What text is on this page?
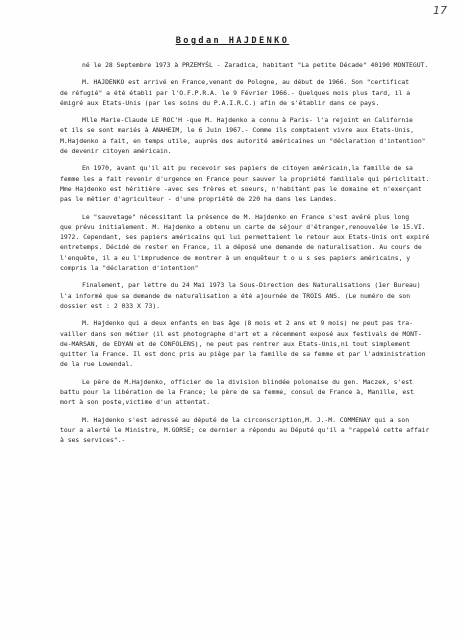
17
Bogdan HAJDENKO
né le 28 Septembre 1973 à PRZEMYŚL - Zaradica, habitant "La petite Décade" 40190 MONTEGUT.
M. HAJDENKO est arrivé en France,venant de Pologne, au début de 1966. Son "certificat
de réfugié" a été établi par l'O.F.P.R.A. le 9 Février 1966.- Quelques mois plus tard, il a
émigré aux Etats-Unis (par les soins du P.A.I.R.C.) afin de s'établir dans ce pays.
Mlle Marie-Claude LE ROC'H -que M. Hajdenko a connu à Paris- l'a rejoint en Californie
et ils se sont mariés à ANAHEIM, le 6 Juin 1967.- Comme ils comptaient vivre aux Etats-Unis,
M.Hajdenko a fait, en temps utile, auprès des autorité américaines un "déclaration d'intention"
de devenir citoyen américain.
En 1970, avant qu'il ait pu recevoir ses papiers de citoyen américain,la famille de sa
femme les a fait revenir d'urgence en France pour sauver la propriété familiale qui périclitait.
Mme Hajdenko est héritière -avec ses frères et soeurs, n'habitant pas le domaine et n'exerçant
pas le métier d'agriculteur - d'une propriété de 220 ha dans les Landes.
Le "sauvetage" nécessitant la présence de M. Hajdenko en France s'est avéré plus long
que prévu initialement. M. Hajdenko a obtenu un carte de séjour d'étranger,renouvelée le 15.VI.
1972. Cependant, ses papiers américains qui lui permettaient le retour aux Etats-Unis ont expiré
entretemps. Décidé de rester en France, il a déposé une demande de naturalisation. Au cours de
l'enquête, il a eu l'imprudence de montrer à un enquêteur t o u s ses papiers américains, y
compris la "déclaration d'intention"
Finalement, par lettre du 24 Mai 1973 la Sous-Direction des Naturalisations (1er Bureau)
l'a informé que sa demande de naturalisation a été ajournée de TROIS ANS. (Le numéro de son
dossier est : 2 033 X 73).
M. Hajdenko qui a deux enfants en bas âge (8 mois et 2 ans et 9 mois) ne peut pas tra-
vailler dans son métier (il est photographe d'art et a récemment exposé aux festivals de MONT-
de-MARSAN, de EDYAN et de CONFOLENS), ne peut pas rentrer aux Etats-Unis,ni tout simplement
quitter la France. Il est donc pris au piège par la famille de sa femme et par l'administration
de la rue Lowendal.
Le père de M.Hajdenko, officier de la division blindée polonaise du gen. Maczek, s'est
battu pour la libération de la France; le père de sa femme, consul de France à, Manille, est
mort à son poste,victime d'un attentat.
M. Hajdenko s'est adressé au député de la circonscription,M. J.-M. COMMENAY qui a son
tour a alerté le Ministre, M.GORSE; ce dernier a répondu au Député qu'il a "rappelé cette affair
à ses services".-
